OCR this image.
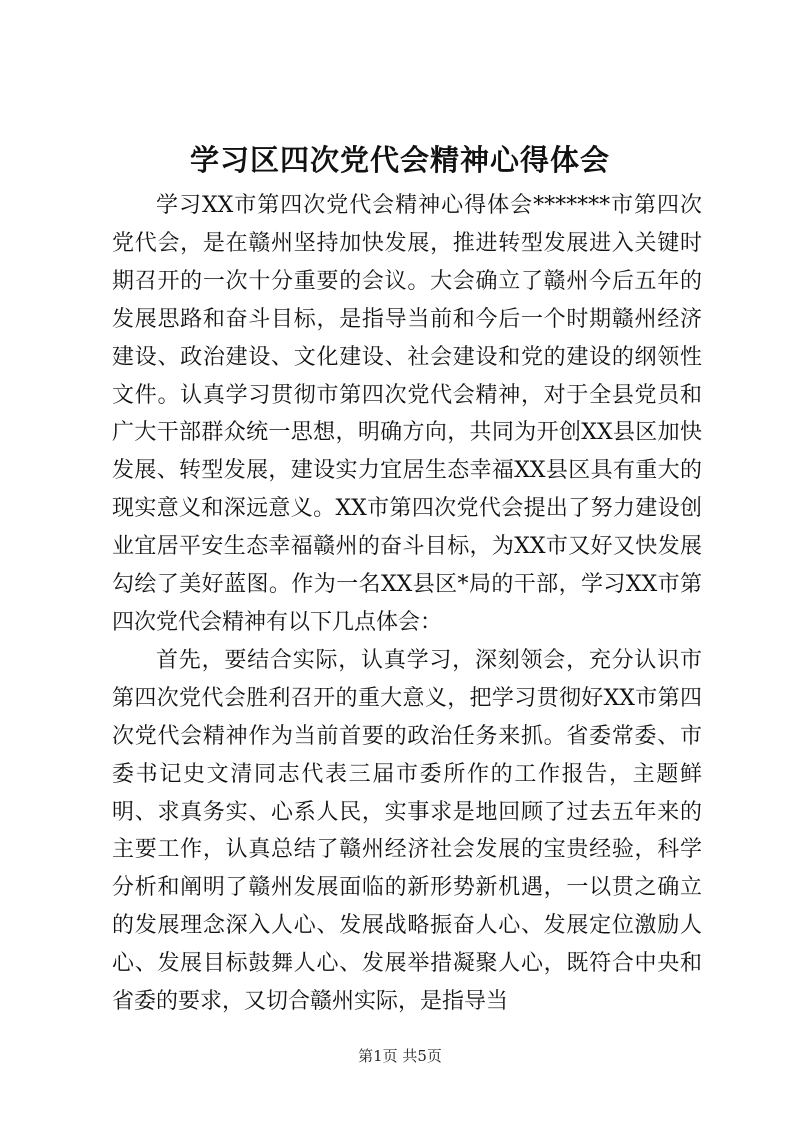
学习区四次党代会精神心得体会

学习XX市第四次党代会精神心得体会*******市第四次党代会，是在赣州坚持加快发展，推进转型发展进入关键时期召开的一次十分重要的会议。大会确立了赣州今后五年的发展思路和奋斗目标，是指导当前和今后一个时期赣州经济建设、政治建设、文化建设、社会建设和党的建设的纲领性文件。认真学习贯彻市第四次党代会精神，对于全县党员和广大干部群众统一思想，明确方向，共同为开创XX县区加快发展、转型发展，建设实力宜居生态幸福XX县区具有重大的现实意义和深远意义。XX市第四次党代会提出了努力建设创业宜居平安生态幸福赣州的奋斗目标，为XX市又好又快发展勾绘了美好蓝图。作为一名XX县区*局的干部，学习XX市第四次党代会精神有以下几点体会：

首先，要结合实际，认真学习，深刻领会，充分认识市第四次党代会胜利召开的重大意义，把学习贯彻好XX市第四次党代会精神作为当前首要的政治任务来抓。省委常委、市委书记史文清同志代表三届市委所作的工作报告，主题鲜明、求真务实、心系人民，实事求是地回顾了过去五年来的主要工作，认真总结了赣州经济社会发展的宝贵经验，科学分析和阐明了赣州发展面临的新形势新机遇，一以贯之确立的发展理念深入人心、发展战略振奋人心、发展定位激励人心、发展目标鼓舞人心、发展举措凝聚人心，既符合中央和省委的要求，又切合赣州实际，是指导当

第1页 共5页
